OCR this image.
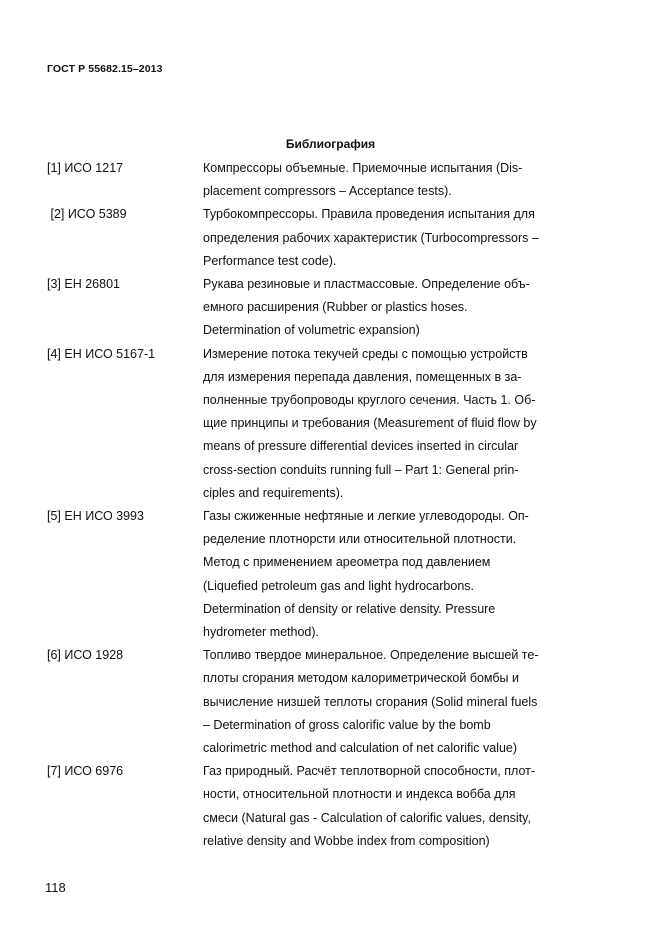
ГОСТ Р 55682.15–2013
Библиография
[1] ИСО 1217	Компрессоры объемные. Приемочные испытания (Dis-
placement compressors – Acceptance tests).
[2] ИСО 5389	Турбокомпрессоры. Правила проведения испытания для
определения рабочих характеристик (Turbocompressors –
Performance test code).
[3] ЕН 26801	Рукава резиновые и пластмассовые. Определение объ-
емного расширения (Rubber or plastics hoses.
Determination of volumetric expansion)
[4] ЕН ИСО 5167-1	Измерение потока текучей среды с помощью устройств
для измерения перепада давления, помещенных в за-
полненные трубопроводы круглого сечения. Часть 1. Об-
щие принципы и требования (Measurement of fluid flow by
means of pressure differential devices inserted in circular
cross-section conduits running full – Part 1: General prin-
ciples and requirements).
[5] ЕН ИСО 3993	Газы сжиженные нефтяные и легкие углеводороды. Оп-
ределение плотнорсти или относительной плотности.
Метод с применением ареометра под давлением
(Liquefied petroleum gas and light hydrocarbons.
Determination of density or relative density. Pressure
hydrometer method).
[6] ИСО 1928	Топливо твердое минеральное. Определение высшей те-
плоты сгорания методом калориметрической бомбы и
вычисление низшей теплоты сгорания (Solid mineral fuels
– Determination of gross calorific value by the bomb
calorimetric method and calculation of net calorific value)
[7] ИСО 6976	Газ природный. Расчёт теплотворной способности, плот-
ности, относительной плотности и индекса вобба для
смеси (Natural gas - Calculation of calorific values, density,
relative density and Wobbe index from composition)
118
